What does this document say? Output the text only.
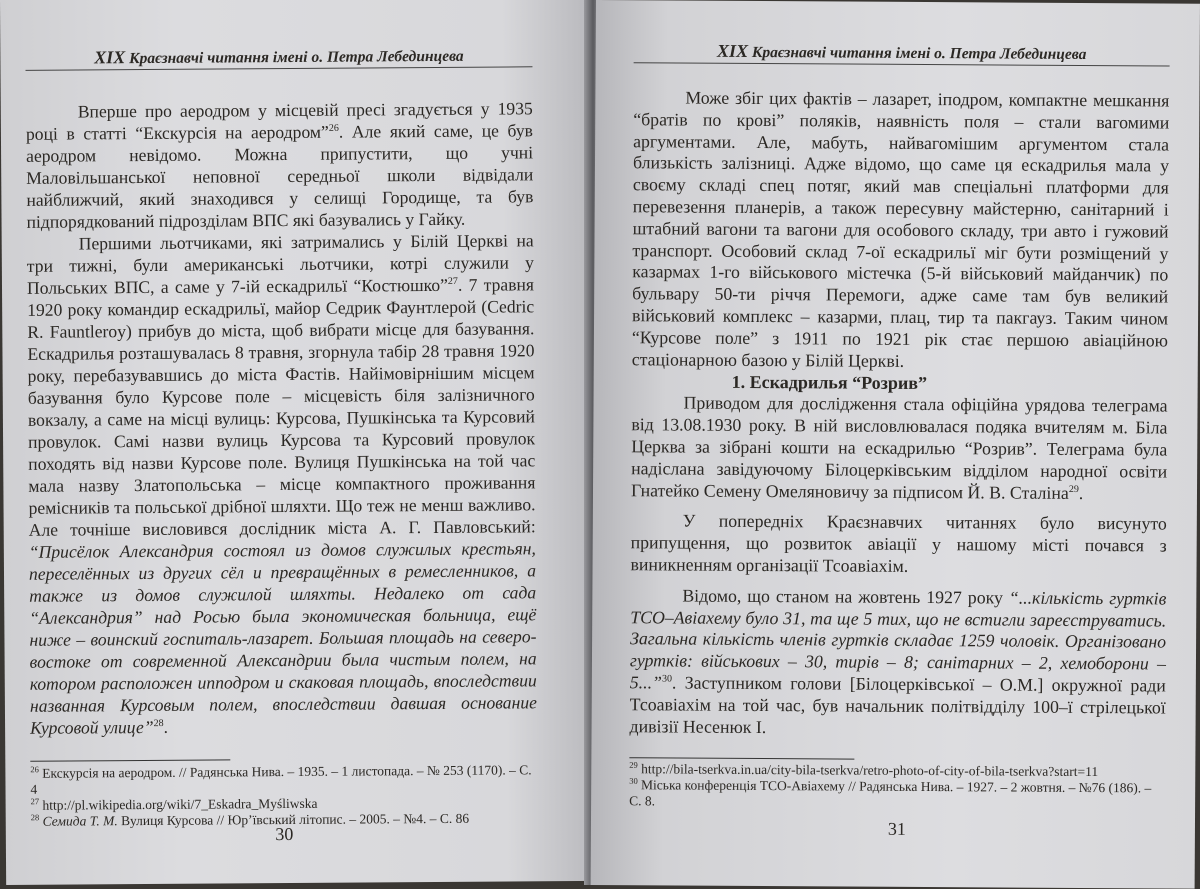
XIX Краєзнавчі читання імені о. Петра Лебединцева

Вперше про аеродром у місцевій пресі згадується у 1935 році в статті “Екскурсія на аеродром”$^{26}$. Але який саме, це був аеродром невідомо. Можна припустити, що учні Маловільшанської неповної середньої школи відвідали найближчий, який знаходився у селищі Городище, та був підпорядкований підрозділам ВПС які базувались у Гайку.

Першими льотчиками, які затримались у Білій Церкві на три тижні, були американські льотчики, котрі служили у Польських ВПС, а саме у 7-ій ескадрильї “Костюшко”$^{27}$. 7 травня 1920 року командир ескадрильї, майор Седрик Фаунтлерой (Cedric R. Fauntleroy) прибув до міста, щоб вибрати місце для базування. Ескадрилья розташувалась 8 травня, згорнула табір 28 травня 1920 року, перебазувавшись до міста Фастів. Найімовірнішим місцем базування було Курсове поле – місцевість біля залізничного вокзалу, а саме на місці вулиць: Курсова, Пушкінська та Курсовий провулок. Самі назви вулиць Курсова та Курсовий провулок походять від назви Курсове поле. Вулиця Пушкінська на той час мала назву Златопольська – місце компактного проживання ремісників та польської дрібної шляхти. Що теж не менш важливо. Але точніше висловився дослідник міста А. Г. Павловський: “Присёлок Александрия состоял из домов служилых крестьян, переселённых из других сёл и превращённых в ремесленников, а также из домов служилой шляхты. Недалеко от сада “Александрия” над Росью была экономическая больница, ещё ниже – воинский госпиталь-лазарет. Большая площадь на северо-востоке от современной Александрии была чистым полем, на котором расположен ипподром и скаковая площадь, впоследствии названная Курсовым полем, впоследствии давшая основание Курсовой улице”$^{28}$.

$^{26}$ Екскурсія на аеродром. // Радянська Нива. – 1935. – 1 листопада. – № 253 (1170). – С. 4
$^{27}$ http://pl.wikipedia.org/wiki/7_Eskadra_Myśliwska
$^{28}$ Семида Т. М. Вулиця Курсова // Юр’ївський літопис. – 2005. – №4. – С. 86
30
XIX Краєзнавчі читання імені о. Петра Лебединцева

Може збіг цих фактів – лазарет, іподром, компактне мешкання “братів по крові” поляків, наявність поля – стали вагомими аргументами. Але, мабуть, найвагомішим аргументом стала близькість залізниці. Адже відомо, що саме ця ескадрилья мала у своєму складі спец потяг, який мав спеціальні платформи для перевезення планерів, а також пересувну майстерню, санітарний і штабний вагони та вагони для особового складу, три авто і гужовий транспорт. Особовий склад 7-ої ескадрильї міг бути розміщений у казармах 1-го військового містечка (5-й військовий майданчик) по бульвару 50-ти річчя Перемоги, адже саме там був великий військовий комплекс – казарми, плац, тир та пакгауз. Таким чином “Курсове поле” з 1911 по 1921 рік стає першою авіаційною стаціонарною базою у Білій Церкві.

1. Ескадрилья “Розрив”

Приводом для дослідження стала офіційна урядова телеграма від 13.08.1930 року. В ній висловлювалася подяка вчителям м. Біла Церква за зібрані кошти на ескадрилью “Розрив”. Телеграма була надіслана завідуючому Білоцерківським відділом народної освіти Гнатейко Семену Омеляновичу за підписом Й. В. Сталіна$^{29}$.

У попередніх Краєзнавчих читаннях було висунуто припущення, що розвиток авіації у нашому місті почався з виникненням організації Тсоавіахім.

Відомо, що станом на жовтень 1927 року “...кількість гуртків ТСО–Авіахему було 31, та ще 5 тих, що не встигли зареєструватись. Загальна кількість членів гуртків складає 1259 чоловік. Організовано гуртків: військових – 30, тирів – 8; санітарних – 2, хемоборони – 5...”$^{30}$. Заступником голови [Білоцерківської – О.М.] окружної ради Тсоавіахім на той час, був начальник політвідділу 100–ї стрілецької дивізії Несенюк І.

$^{29}$ http://bila-tserkva.in.ua/city-bila-tserkva/retro-photo-of-city-of-bila-tserkva?start=11
$^{30}$ Міська конференція ТСО-Авіахему // Радянська Нива. – 1927. – 2 жовтня. – №76 (186). – С. 8.
31
